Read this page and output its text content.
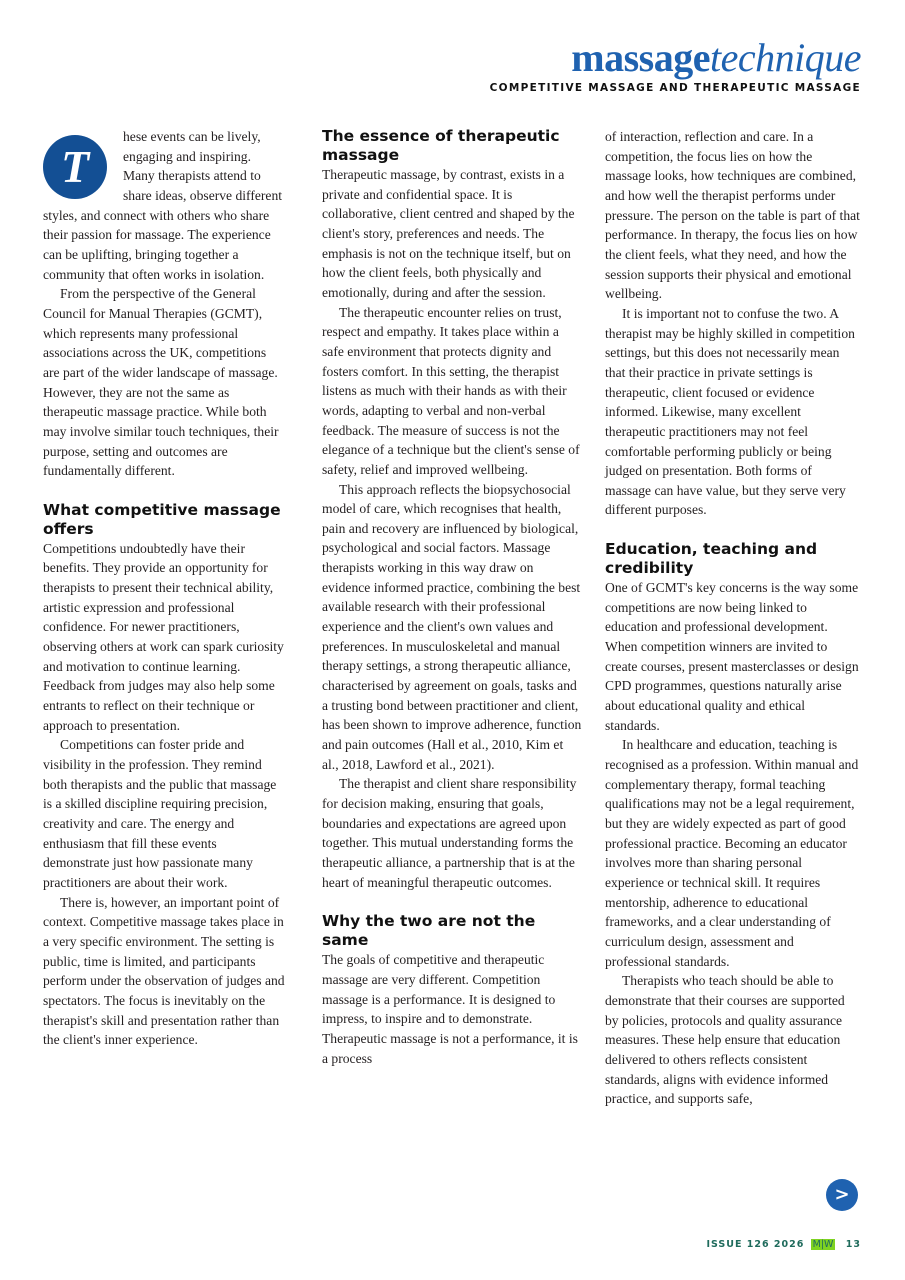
massagetechnique
COMPETITIVE MASSAGE AND THERAPEUTIC MASSAGE
T

hese events can be lively, engaging and inspiring. Many therapists attend to share ideas, observe different styles, and connect with others who share their passion for massage. The experience can be uplifting, bringing together a community that often works in isolation.

From the perspective of the General Council for Manual Therapies (GCMT), which represents many professional associations across the UK, competitions are part of the wider landscape of massage. However, they are not the same as therapeutic massage practice. While both may involve similar touch techniques, their purpose, setting and outcomes are fundamentally different.

What competitive massage offers

Competitions undoubtedly have their benefits. They provide an opportunity for therapists to present their technical ability, artistic expression and professional confidence. For newer practitioners, observing others at work can spark curiosity and motivation to continue learning. Feedback from judges may also help some entrants to reflect on their technique or approach to presentation.

Competitions can foster pride and visibility in the profession. They remind both therapists and the public that massage is a skilled discipline requiring precision, creativity and care. The energy and enthusiasm that fill these events demonstrate just how passionate many practitioners are about their work.

There is, however, an important point of context. Competitive massage takes place in a very specific environment. The setting is public, time is limited, and participants perform under the observation of judges and spectators. The focus is inevitably on the therapist's skill and presentation rather than the client's inner experience.

The essence of therapeutic massage

Therapeutic massage, by contrast, exists in a private and confidential space. It is collaborative, client centred and shaped by the client's story, preferences and needs. The emphasis is not on the technique itself, but on how the client feels, both physically and emotionally, during and after the session.

The therapeutic encounter relies on trust, respect and empathy. It takes place within a safe environment that protects dignity and fosters comfort. In this setting, the therapist listens as much with their hands as with their words, adapting to verbal and non-verbal feedback. The measure of success is not the elegance of a technique but the client's sense of safety, relief and improved wellbeing.

This approach reflects the biopsychosocial model of care, which recognises that health, pain and recovery are influenced by biological, psychological and social factors. Massage therapists working in this way draw on evidence informed practice, combining the best available research with their professional experience and the client's own values and preferences. In musculoskeletal and manual therapy settings, a strong therapeutic alliance, characterised by agreement on goals, tasks and a trusting bond between practitioner and client, has been shown to improve adherence, function and pain outcomes (Hall et al., 2010, Kim et al., 2018, Lawford et al., 2021).

The therapist and client share responsibility for decision making, ensuring that goals, boundaries and expectations are agreed upon together. This mutual understanding forms the therapeutic alliance, a partnership that is at the heart of meaningful therapeutic outcomes.

Why the two are not the same

The goals of competitive and therapeutic massage are very different. Competition massage is a performance. It is designed to impress, to inspire and to demonstrate. Therapeutic massage is not a performance, it is a process

of interaction, reflection and care. In a competition, the focus lies on how the massage looks, how techniques are combined, and how well the therapist performs under pressure. The person on the table is part of that performance. In therapy, the focus lies on how the client feels, what they need, and how the session supports their physical and emotional wellbeing.

It is important not to confuse the two. A therapist may be highly skilled in competition settings, but this does not necessarily mean that their practice in private settings is therapeutic, client focused or evidence informed. Likewise, many excellent therapeutic practitioners may not feel comfortable performing publicly or being judged on presentation. Both forms of massage can have value, but they serve very different purposes.

Education, teaching and credibility

One of GCMT's key concerns is the way some competitions are now being linked to education and professional development. When competition winners are invited to create courses, present masterclasses or design CPD programmes, questions naturally arise about educational quality and ethical standards.

In healthcare and education, teaching is recognised as a profession. Within manual and complementary therapy, formal teaching qualifications may not be a legal requirement, but they are widely expected as part of good professional practice. Becoming an educator involves more than sharing personal experience or technical skill. It requires mentorship, adherence to educational frameworks, and a clear understanding of curriculum design, assessment and professional standards.

Therapists who teach should be able to demonstrate that their courses are supported by policies, protocols and quality assurance measures. These help ensure that education delivered to others reflects consistent standards, aligns with evidence informed practice, and supports safe,

>
ISSUE 126 2026 M|W 13
